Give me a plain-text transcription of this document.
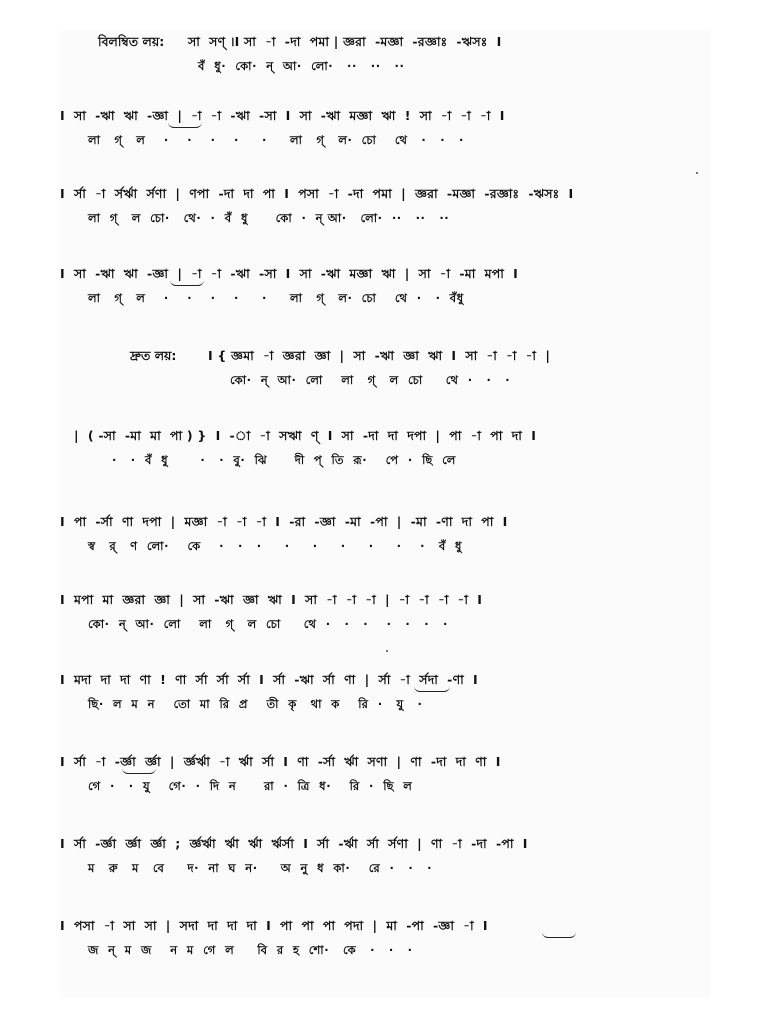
বিলম্বিত লয়: সা  সণ্ ।I সা  -া  -দা  পমা | জ্ঞরা  -মজ্ঞা  -রজ্ঞাঃ  -ঋসঃ  I
বঁ  ধু·  কো·  ন্  আ·  লো·   ··   ··   ··
I  সা  -ঋা  ঋা  -জ্ঞা  |  -া  -া  -ঋা  -সা  I  সা  -ঋা  মজ্ঞা  ঋা  !  সা  -া  -া  -া  I
লা   গ্   ল    ·    ·    ·    ·     ·     লা   গ্   ল·  চো    থে   ·   ·   ·
I  র্সা  -া  র্সর্ঋা  র্সণা  |  ণপা  -দা  দা  পা  I  পসা  -া  -দা  পমা  |  জ্ঞরা  -মজ্ঞা  -রজ্ঞাঃ  -ঋসঃ  I
লা  গ্   ল  চো·   থে·  ·  বঁ  ধু      কো  ·  ন্ আ·   লো·  ··   ··   ··
I  সা  -ঋা  ঋা  -জ্ঞা  |  -া  -া  -ঋা  -সা  I  সা  -ঋা  মজ্ঞা  ঋা  |  সা  -া  -মা  মপা  I
লা   গ্   ল    ·    ·    ·    ·     ·     লা   গ্   ল·  চো    থে  ·   ·  বঁধু
দ্রুত লয়:	I { জ্ঞমা  -া  জ্ঞরা  জ্ঞা  |  সা  -ঋা  জ্ঞা  ঋা  I  সা  -া  -া  -া  |
কো·  ন্  আ·  লো    লা   গ্   ল  চো     থে  ·   ·   ·
|  ( -সা  -মা  মা  পা ) }  I  -া  -া  সঋা  ণ্  I  সা  -দা  দা  দপা  |  পা  -া  পা  দা  I
·   ·  বঁ  ধু       ·   ·  বু·  ঝি      দী  প্  তি  রূ·    পে  ·  ছি  লে
I  পা  -র্সা  ণা  দপা  |  মজ্ঞা  -া  -া  -া  I  -রা  -জ্ঞা  -মা  -পা  |  -মা  -ণা  দা  পা  I
স্ব   র্   ণ  লো·    কে    ·   ·   ·     ·     ·     ·     ·     ·    ·   বঁ  ধু
I  মপা  মা  জ্ঞরা  জ্ঞা  |  সা  -ঋা  জ্ঞা  ঋা  I  সা  -া  -া  -া  |  -া  -া  -া  -া  I
কো·  ন্  আ·  লো    লা   গ্   ল  চো     থে  ·   ·   ·    ·   ·   ·   ·
I  মদা  দা  দা  ণা  !  ণা  র্সা  র্সা  র্সা  I  র্সা  -ঋা  র্সা  ণা  |  র্সা  -া  র্সদা  -ণা  I
ছি·  ল  ম  ন    তো  মা  রি  প্র    তী  কৃ   থা  ক    রি  ·   যু   ·
I  র্সা  -া  -র্জ্ঞা  র্জ্ঞা  |  র্জ্ঞর্ঋা  -া  র্ঋা  র্সা  I  ণা  -র্সা  র্ঋা  সণা  |  ণা  -দা  দা  ণা  I
গে  ·   ·  যু    গে·  ·  দি  ন      রা  ·  ত্রি  ধ·    রি  ·  ছি  ল
I  র্সা  -র্জ্ঞা  র্জ্ঞা  র্জ্ঞা  ;  র্জ্ঞর্ঋা  র্ঋা  র্ঋা  র্ঋর্সা  I  র্সা  -র্ঋা  র্সা  র্সণা  |  ণা  -া  -দা  -পা  I
ম   রু   ম   বে     দ·  না  ঘ  ন·     অ  নু  ধ  কা·    রে  ·   ·   ·
I  পসা  -া  সা  সা  |  সদা  দা  দা  দা  I  পা  পা  পা  পদা  |  মা  -পা  -জ্ঞা  -া  I
জ  ন্  ম  জ    ন  ম  গে  ল     বি  র  হ  শো·   কে   ·   ·   ·
